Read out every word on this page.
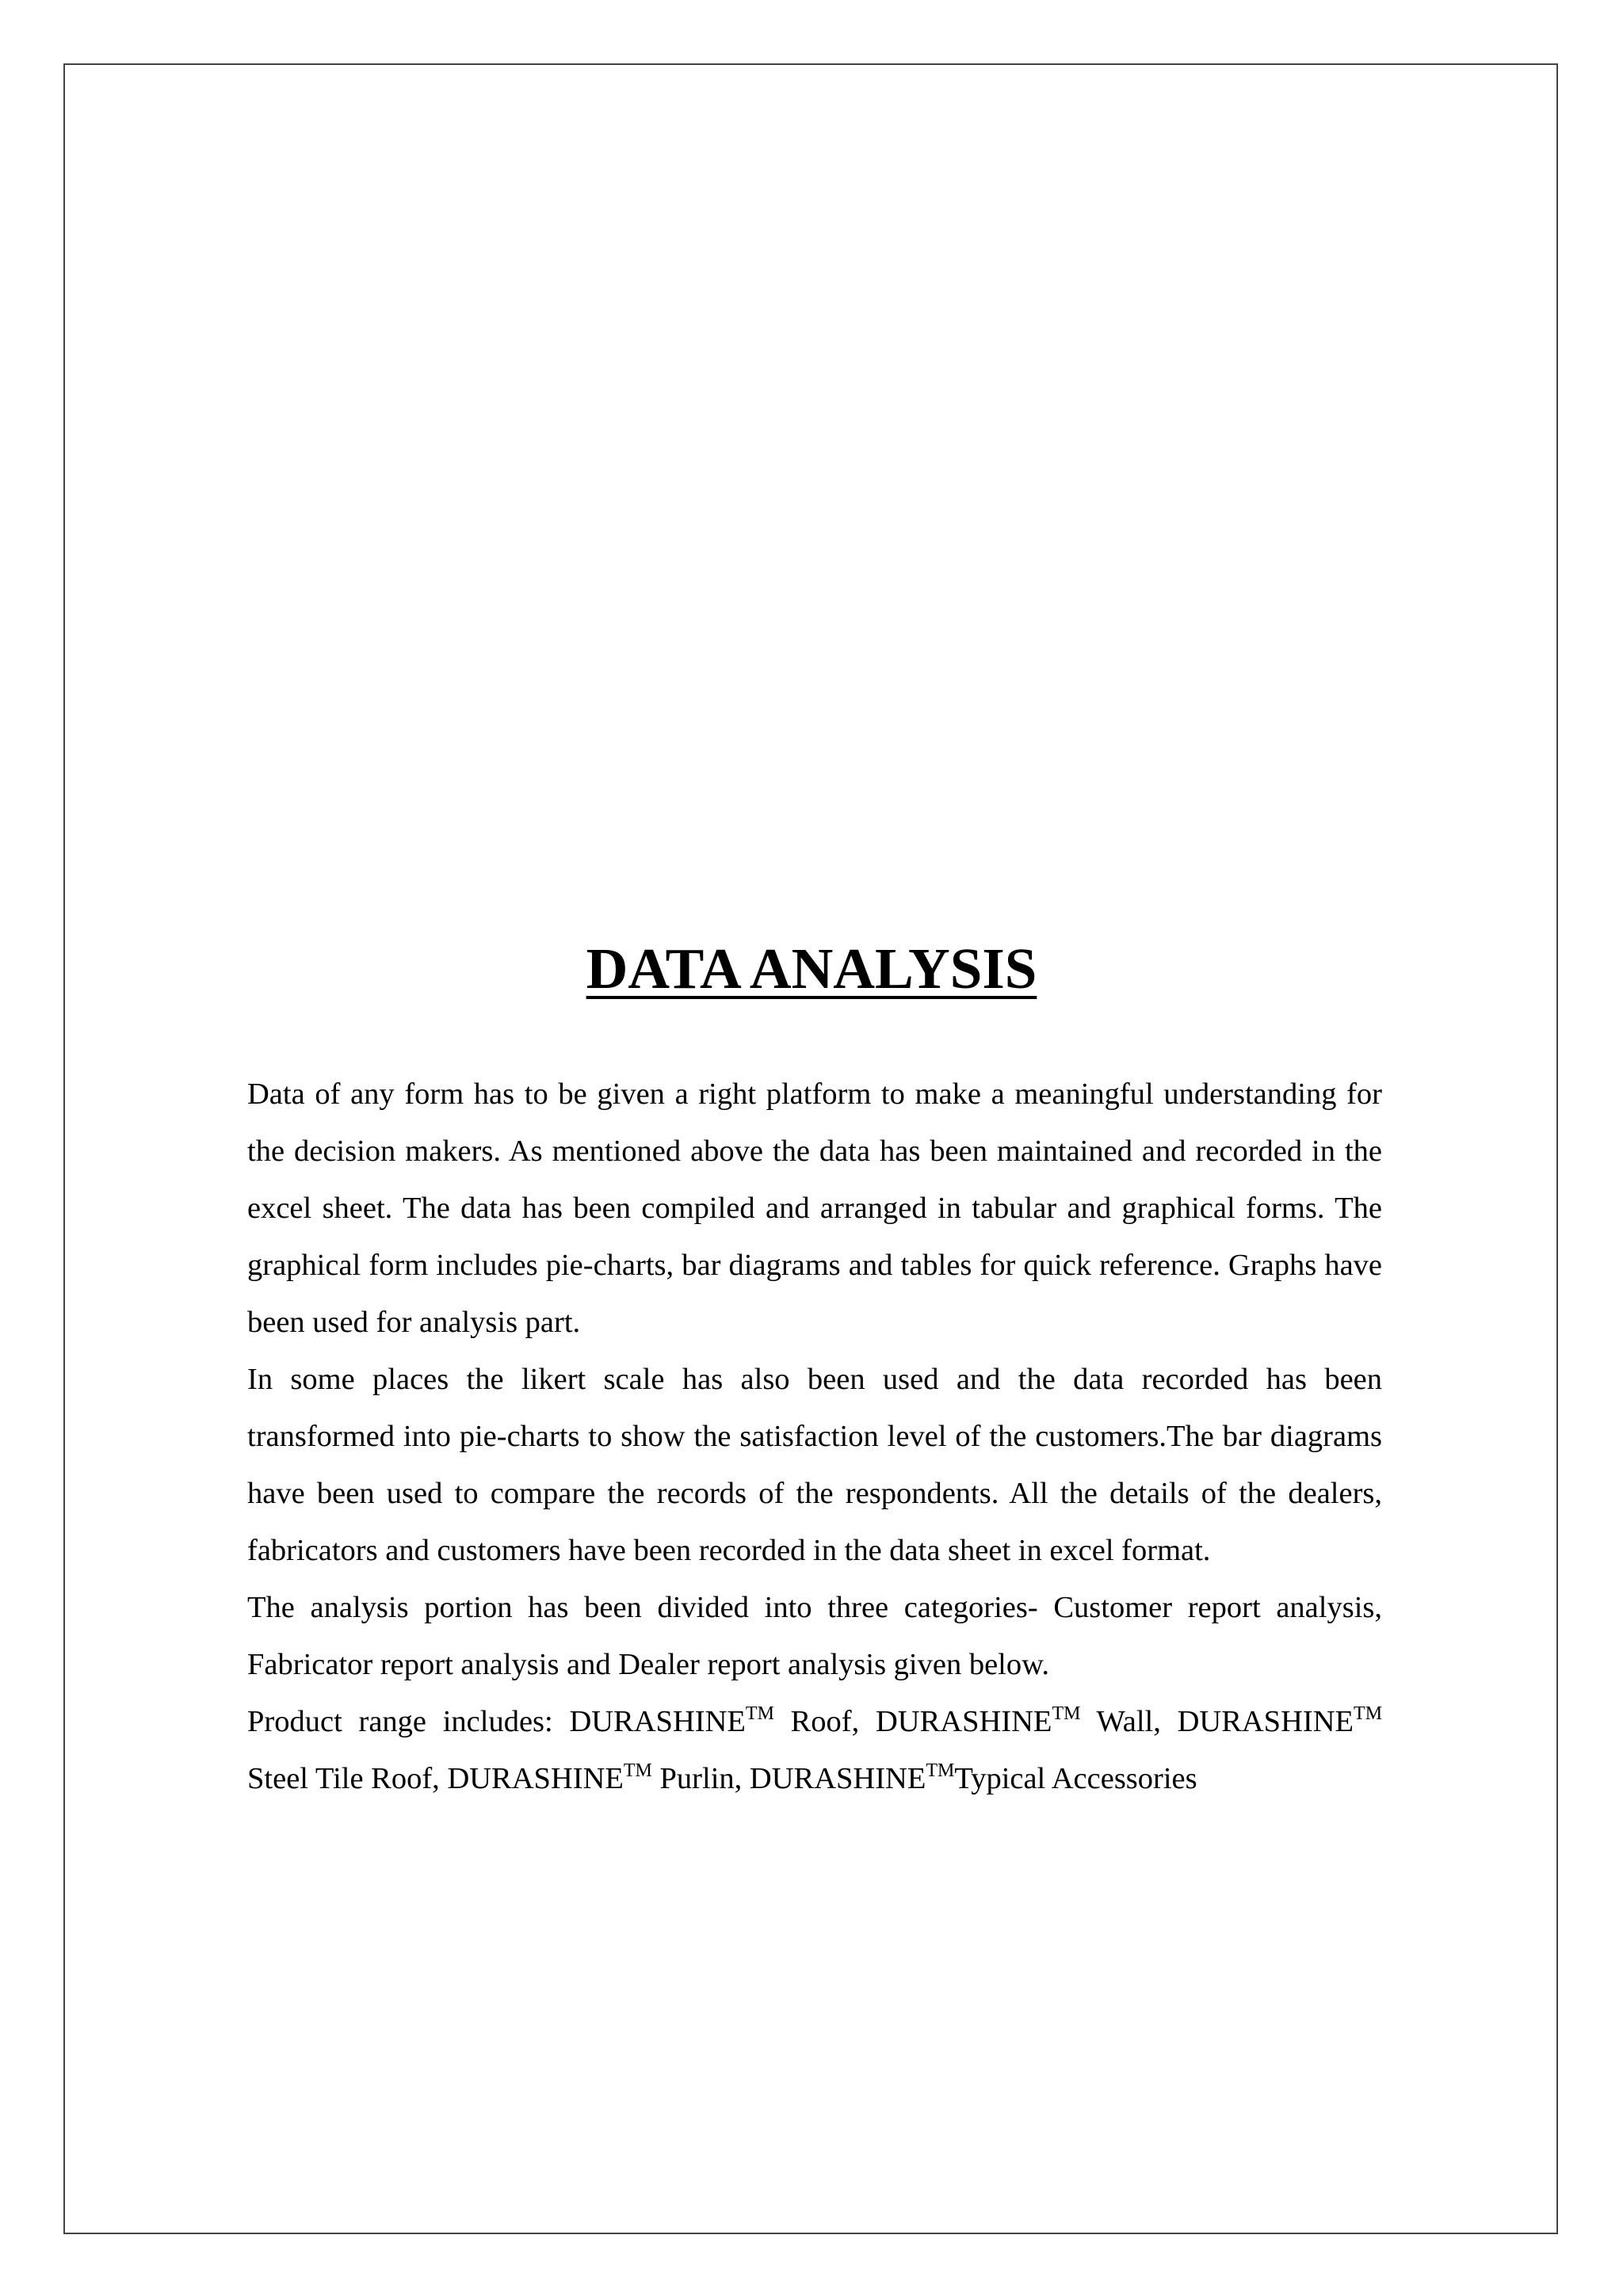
DATA ANALYSIS

Data of any form has to be given a right platform to make a meaningful understanding for the decision makers. As mentioned above the data has been maintained and recorded in the excel sheet. The data has been compiled and arranged in tabular and graphical forms. The graphical form includes pie-charts, bar diagrams and tables for quick reference. Graphs have been used for analysis part.

In some places the likert scale has also been used and the data recorded has been transformed into pie-charts to show the satisfaction level of the customers.The bar diagrams have been used to compare the records of the respondents. All the details of the dealers, fabricators and customers have been recorded in the data sheet in excel format.

The analysis portion has been divided into three categories- Customer report analysis, Fabricator report analysis and Dealer report analysis given below.

Product range includes: DURASHINE™ Roof, DURASHINE™ Wall, DURASHINE™ Steel Tile Roof, DURASHINE™ Purlin, DURASHINE™Typical Accessories
